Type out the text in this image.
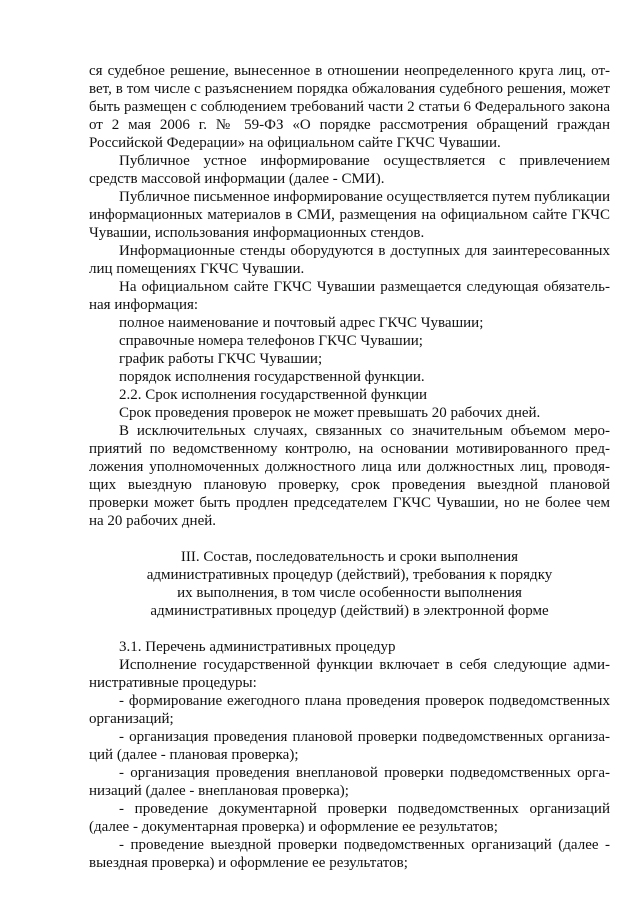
ся судебное решение, вынесенное в отношении неопределенного круга лиц, ответ, в том числе с разъяснением порядка обжалования судебного решения, может быть размещен с соблюдением требований части 2 статьи 6 Федерального закона от 2 мая 2006 г. № 59-ФЗ «О порядке рассмотрения обращений граждан Российской Федерации» на официальном сайте ГКЧС Чувашии.

Публичное устное информирование осуществляется с привлечением средств массовой информации (далее - СМИ).

Публичное письменное информирование осуществляется путем публикации информационных материалов в СМИ, размещения на официальном сайте ГКЧС Чувашии, использования информационных стендов.

Информационные стенды оборудуются в доступных для заинтересованных лиц помещениях ГКЧС Чувашии.

На официальном сайте ГКЧС Чувашии размещается следующая обязательная информация:

полное наименование и почтовый адрес ГКЧС Чувашии;

справочные номера телефонов ГКЧС Чувашии;

график работы ГКЧС Чувашии;

порядок исполнения государственной функции.

2.2. Срок исполнения государственной функции

Срок проведения проверок не может превышать 20 рабочих дней.

В исключительных случаях, связанных со значительным объемом мероприятий по ведомственному контролю, на основании мотивированного предложения уполномоченных должностного лица или должностных лиц, проводящих выездную плановую проверку, срок проведения выездной плановой проверки может быть продлен председателем ГКЧС Чувашии, но не более чем на 20 рабочих дней.

III. Состав, последовательность и сроки выполнения
административных процедур (действий), требования к порядку
их выполнения, в том числе особенности выполнения
административных процедур (действий) в электронной форме

3.1. Перечень административных процедур

Исполнение государственной функции включает в себя следующие административные процедуры:

- формирование ежегодного плана проведения проверок подведомственных организаций;

- организация проведения плановой проверки подведомственных организаций (далее - плановая проверка);

- организация проведения внеплановой проверки подведомственных организаций (далее - внеплановая проверка);

- проведение документарной проверки подведомственных организаций (далее - документарная проверка) и оформление ее результатов;

- проведение выездной проверки подведомственных организаций (далее - выездная проверка) и оформление ее результатов;
